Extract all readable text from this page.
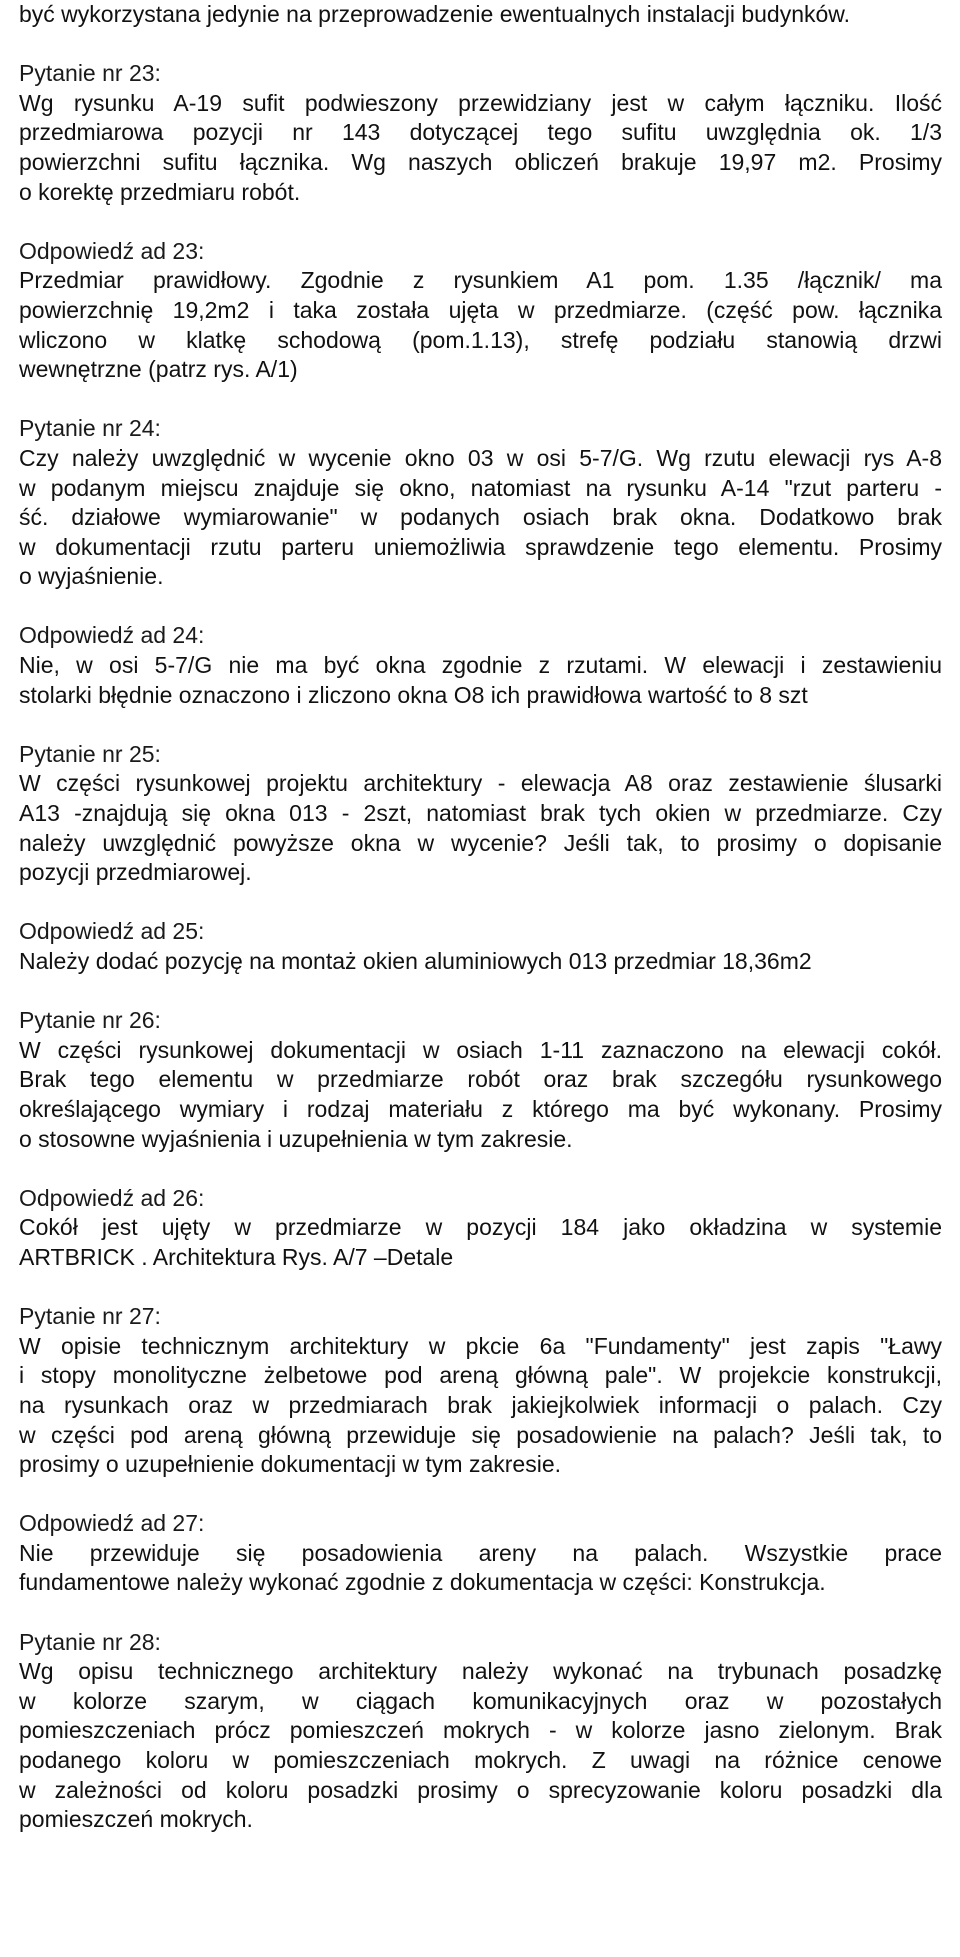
być wykorzystana jedynie na przeprowadzenie ewentualnych instalacji budynków.

Pytanie nr 23:

Wg rysunku A-19 sufit podwieszony przewidziany jest w całym łączniku. Ilość

przedmiarowa pozycji nr 143 dotyczącej tego sufitu uwzględnia ok. 1/3

powierzchni sufitu łącznika. Wg naszych obliczeń brakuje 19,97 m2. Prosimy

o korektę przedmiaru robót.

Odpowiedź ad 23:

Przedmiar prawidłowy. Zgodnie z rysunkiem A1 pom. 1.35 /łącznik/ ma

powierzchnię 19,2m2 i taka została ujęta w przedmiarze. (część pow. łącznika

wliczono w klatkę schodową (pom.1.13), strefę podziału stanowią drzwi

wewnętrzne (patrz rys. A/1)

Pytanie nr 24:

Czy należy uwzględnić w wycenie okno 03 w osi 5-7/G. Wg rzutu elewacji rys A-8

w podanym miejscu znajduje się okno, natomiast na rysunku A-14 "rzut parteru -

ść. działowe wymiarowanie" w podanych osiach brak okna. Dodatkowo brak

w dokumentacji rzutu parteru uniemożliwia sprawdzenie tego elementu. Prosimy

o wyjaśnienie.

Odpowiedź ad 24:

Nie, w osi 5-7/G nie ma być okna zgodnie z rzutami. W elewacji i zestawieniu

stolarki błędnie oznaczono i zliczono okna O8 ich prawidłowa wartość to 8 szt

Pytanie nr 25:

W części rysunkowej projektu architektury - elewacja A8 oraz zestawienie ślusarki

A13 -znajdują się okna 013 - 2szt, natomiast brak tych okien w przedmiarze. Czy

należy uwzględnić powyższe okna w wycenie? Jeśli tak, to prosimy o dopisanie

pozycji przedmiarowej.

Odpowiedź ad 25:

Należy dodać pozycję na montaż okien aluminiowych 013 przedmiar 18,36m2

Pytanie nr 26:

W części rysunkowej dokumentacji w osiach 1-11 zaznaczono na elewacji cokół.

Brak tego elementu w przedmiarze robót oraz brak szczegółu rysunkowego

określającego wymiary i rodzaj materiału z którego ma być wykonany. Prosimy

o stosowne wyjaśnienia i uzupełnienia w tym zakresie.

Odpowiedź ad 26:

Cokół jest ujęty w przedmiarze w pozycji 184 jako okładzina w systemie

ARTBRICK . Architektura Rys. A/7 –Detale

Pytanie nr 27:

W opisie technicznym architektury w pkcie 6a "Fundamenty" jest zapis "Ławy

i stopy monolityczne żelbetowe pod areną główną pale". W projekcie konstrukcji,

na rysunkach oraz w przedmiarach brak jakiejkolwiek informacji o palach. Czy

w części pod areną główną przewiduje się posadowienie na palach? Jeśli tak, to

prosimy o uzupełnienie dokumentacji w tym zakresie.

Odpowiedź ad 27:

Nie przewiduje się posadowienia areny na palach. Wszystkie prace

fundamentowe należy wykonać zgodnie z dokumentacja w części: Konstrukcja.

Pytanie nr 28:

Wg opisu technicznego architektury należy wykonać na trybunach posadzkę

w kolorze szarym, w ciągach komunikacyjnych oraz w pozostałych

pomieszczeniach prócz pomieszczeń mokrych - w kolorze jasno zielonym. Brak

podanego koloru w pomieszczeniach mokrych. Z uwagi na różnice cenowe

w zależności od koloru posadzki prosimy o sprecyzowanie koloru posadzki dla

pomieszczeń mokrych.
